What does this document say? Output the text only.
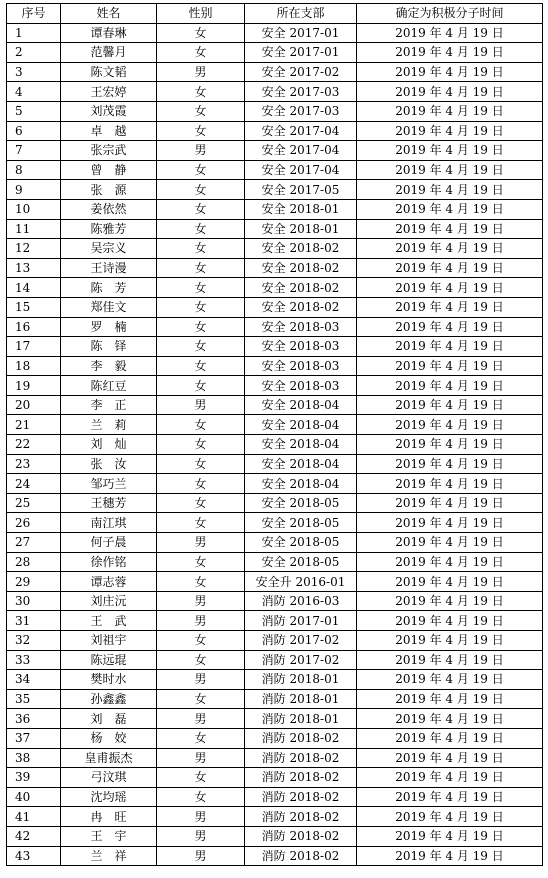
序号	姓名	性别	所在支部	确定为积极分子时间
1	谭春琳	女	安全 2017-01	2019 年 4 月 19 日
2	范馨月	女	安全 2017-01	2019 年 4 月 19 日
3	陈文韬	男	安全 2017-02	2019 年 4 月 19 日
4	王宏婷	女	安全 2017-03	2019 年 4 月 19 日
5	刘茂霞	女	安全 2017-03	2019 年 4 月 19 日
6	卓　越	女	安全 2017-04	2019 年 4 月 19 日
7	张宗武	男	安全 2017-04	2019 年 4 月 19 日
8	曾　静	女	安全 2017-04	2019 年 4 月 19 日
9	张　源	女	安全 2017-05	2019 年 4 月 19 日
10	姜依然	女	安全 2018-01	2019 年 4 月 19 日
11	陈雅芳	女	安全 2018-01	2019 年 4 月 19 日
12	吴宗义	女	安全 2018-02	2019 年 4 月 19 日
13	王诗漫	女	安全 2018-02	2019 年 4 月 19 日
14	陈　芳	女	安全 2018-02	2019 年 4 月 19 日
15	郑佳文	女	安全 2018-02	2019 年 4 月 19 日
16	罗　楠	女	安全 2018-03	2019 年 4 月 19 日
17	陈　铎	女	安全 2018-03	2019 年 4 月 19 日
18	李　毅	女	安全 2018-03	2019 年 4 月 19 日
19	陈红豆	女	安全 2018-03	2019 年 4 月 19 日
20	李　正	男	安全 2018-04	2019 年 4 月 19 日
21	兰　莉	女	安全 2018-04	2019 年 4 月 19 日
22	刘　灿	女	安全 2018-04	2019 年 4 月 19 日
23	张　汝	女	安全 2018-04	2019 年 4 月 19 日
24	邹巧兰	女	安全 2018-04	2019 年 4 月 19 日
25	王穗芳	女	安全 2018-05	2019 年 4 月 19 日
26	南江琪	女	安全 2018-05	2019 年 4 月 19 日
27	何子晨	男	安全 2018-05	2019 年 4 月 19 日
28	徐作铭	女	安全 2018-05	2019 年 4 月 19 日
29	谭志蓉	女	安全升 2016-01	2019 年 4 月 19 日
30	刘庄沅	男	消防 2016-03	2019 年 4 月 19 日
31	王　武	男	消防 2017-01	2019 年 4 月 19 日
32	刘祖宇	女	消防 2017-02	2019 年 4 月 19 日
33	陈远琨	女	消防 2017-02	2019 年 4 月 19 日
34	樊时水	男	消防 2018-01	2019 年 4 月 19 日
35	孙鑫鑫	女	消防 2018-01	2019 年 4 月 19 日
36	刘　磊	男	消防 2018-01	2019 年 4 月 19 日
37	杨　姣	女	消防 2018-02	2019 年 4 月 19 日
38	皇甫振杰	男	消防 2018-02	2019 年 4 月 19 日
39	弓汶琪	女	消防 2018-02	2019 年 4 月 19 日
40	沈均瑶	女	消防 2018-02	2019 年 4 月 19 日
41	冉　旺	男	消防 2018-02	2019 年 4 月 19 日
42	王　宇	男	消防 2018-02	2019 年 4 月 19 日
43	兰　祥	男	消防 2018-02	2019 年 4 月 19 日
